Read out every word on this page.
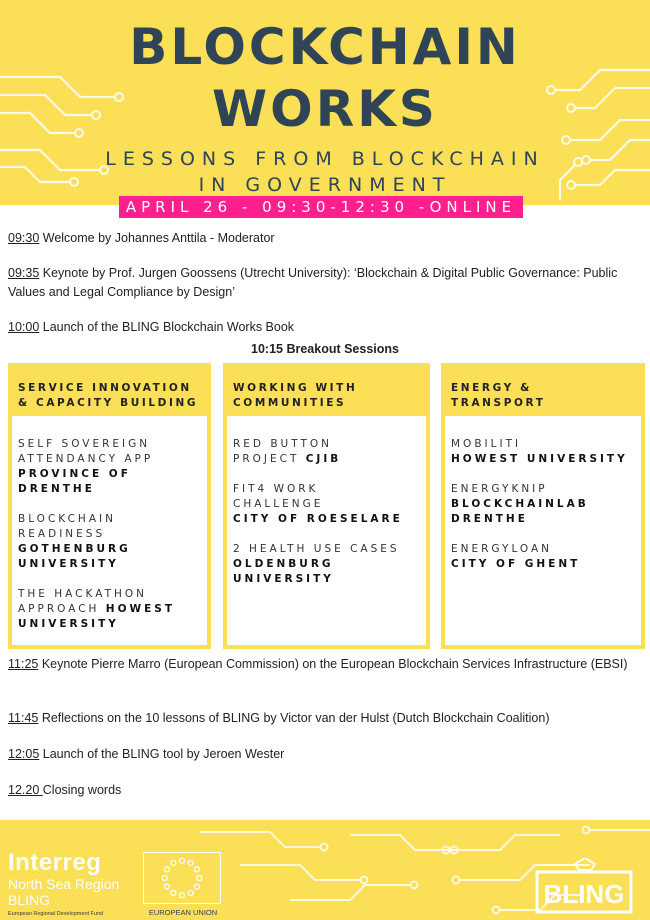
BLOCKCHAIN
WORKS
LESSONS FROM BLOCKCHAIN
IN GOVERNMENT
APRIL 26 - 09:30-12:30 -ONLINE
09:30 Welcome by Johannes Anttila - Moderator
09:35 Keynote by Prof. Jurgen Goossens (Utrecht University): ‘Blockchain & Digital Public Governance: Public Values and Legal Compliance by Design’
10:00 Launch of the BLING Blockchain Works Book
10:15 Breakout Sessions
SERVICE INNOVATION
& CAPACITY BUILDING
SELF SOVEREIGN ATTENDANCY APP
PROVINCE OF DRENTHE
BLOCKCHAIN READINESS
GOTHENBURG UNIVERSITY
THE HACKATHON APPROACH HOWEST UNIVERSITY
WORKING WITH
COMMUNITIES
RED BUTTON PROJECT CJIB
FIT4 WORK CHALLENGE
CITY OF ROESELARE
2 HEALTH USE CASES
OLDENBURG UNIVERSITY
ENERGY &
TRANSPORT
MOBILITI
HOWEST UNIVERSITY
ENERGYKNIP
BLOCKCHAINLAB DRENTHE
ENERGYLOAN
CITY OF GHENT
11:25 Keynote Pierre Marro (European Commission) on the European Blockchain Services Infrastructure (EBSI)
11:45 Reflections on the 10 lessons of BLING by Victor van der Hulst (Dutch Blockchain Coalition)
12:05 Launch of the BLING tool by Jeroen Wester
12.20 Closing words
Interreg
North Sea Region
BLING
European Regional Development Fund	EUROPEAN UNION
BLING
